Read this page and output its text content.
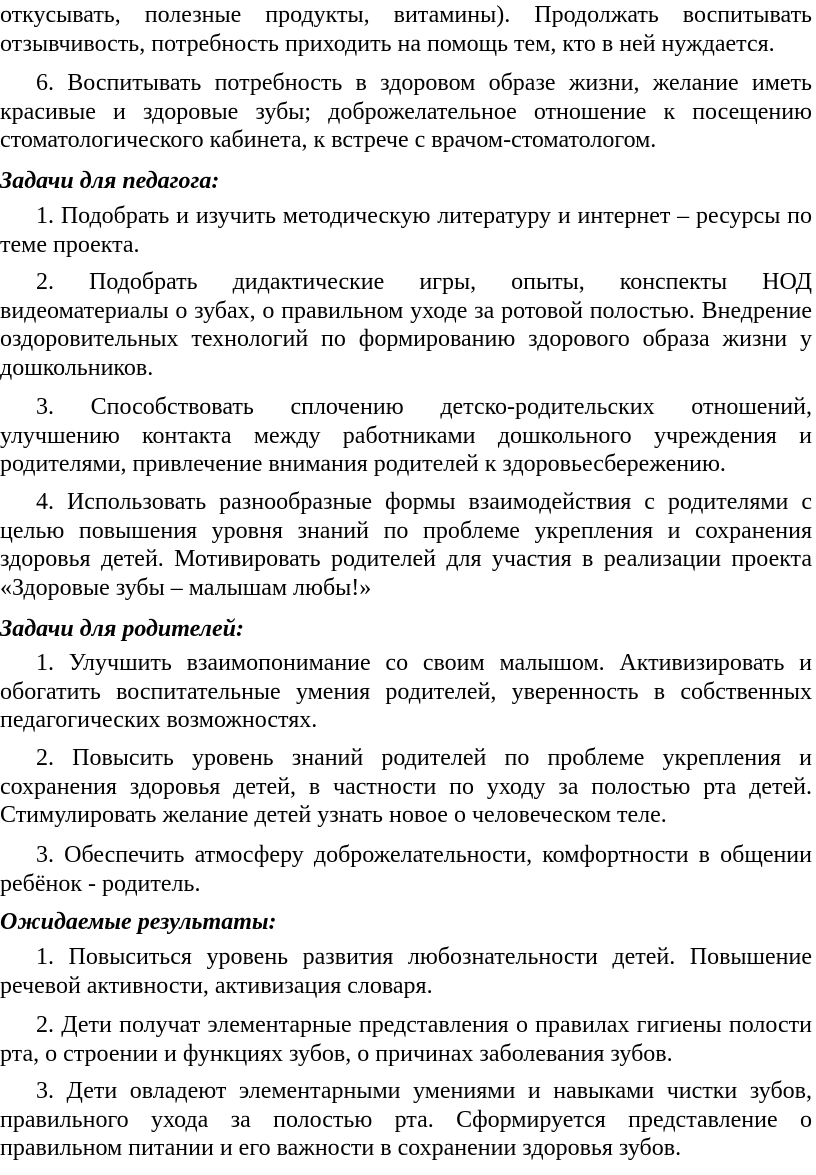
откусывать, полезные продукты, витамины). Продолжать воспитывать отзывчивость, потребность приходить на помощь тем, кто в ней нуждается.

6. Воспитывать потребность в здоровом образе жизни, желание иметь красивые и здоровые зубы; доброжелательное отношение к посещению стоматологического кабинета, к встрече с врачом-стоматологом.

Задачи для педагога:

1. Подобрать и изучить методическую литературу и интернет – ресурсы по теме проекта.

2. Подобрать дидактические игры, опыты, конспекты НОД видеоматериалы о зубах, о правильном уходе за ротовой полостью. Внедрение оздоровительных технологий по формированию здорового образа жизни у дошкольников.

3. Способствовать сплочению детско-родительских отношений, улучшению контакта между работниками дошкольного учреждения и родителями, привлечение внимания родителей к здоровьесбережению.

4. Использовать разнообразные формы взаимодействия с родителями с целью повышения уровня знаний по проблеме укрепления и сохранения здоровья детей. Мотивировать родителей для участия в реализации проекта «Здоровые зубы – малышам любы!»

Задачи для родителей:

1. Улучшить взаимопонимание со своим малышом. Активизировать и обогатить воспитательные умения родителей, уверенность в собственных педагогических возможностях.

2. Повысить уровень знаний родителей по проблеме укрепления и сохранения здоровья детей, в частности по уходу за полостью рта детей. Стимулировать желание детей узнать новое о человеческом теле.

3. Обеспечить атмосферу доброжелательности, комфортности в общении ребёнок - родитель.

Ожидаемые результаты:

1. Повыситься уровень развития любознательности детей. Повышение речевой активности, активизация словаря.

2. Дети получат элементарные представления о правилах гигиены полости рта, о строении и функциях зубов, о причинах заболевания зубов.

3. Дети овладеют элементарными умениями и навыками чистки зубов, правильного ухода за полостью рта. Сформируется представление о правильном питании и его важности в сохранении здоровья зубов.
